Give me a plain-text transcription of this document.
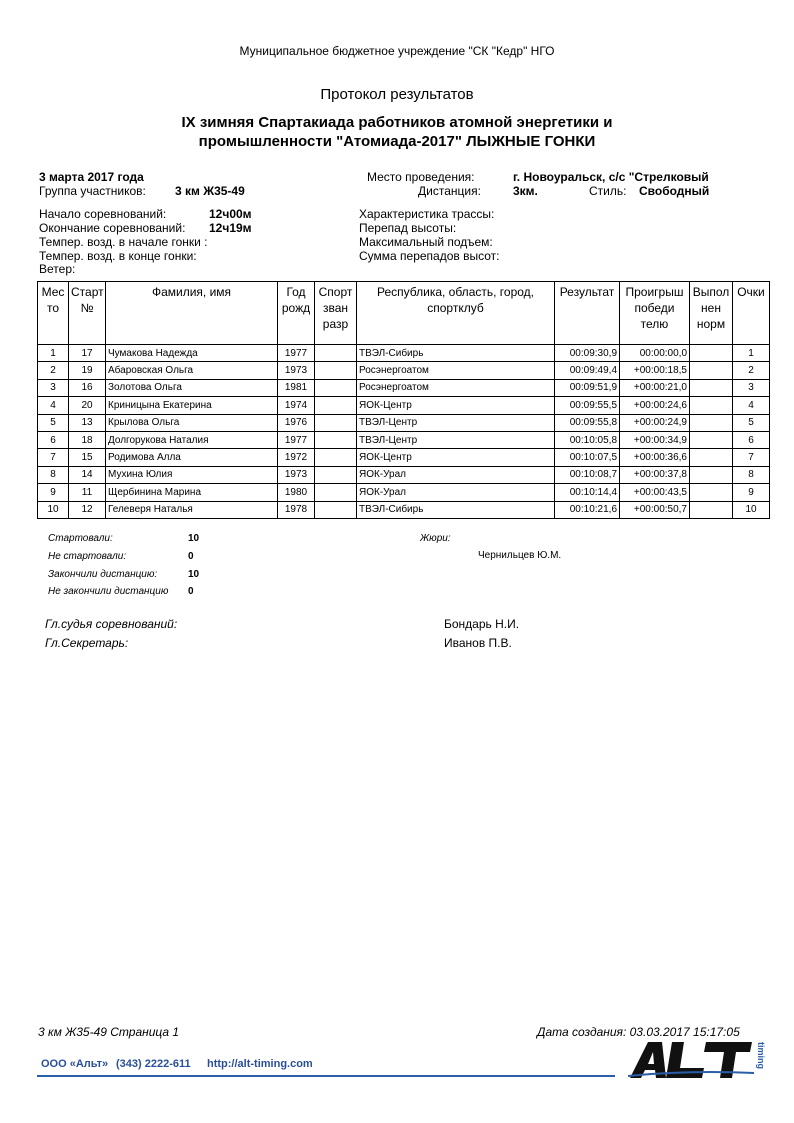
Муниципальное бюджетное учреждение "СК "Кедр" НГО
Протокол результатов
IX зимняя Спартакиада работников атомной энергетики и
промышленности "Атомиада-2017" ЛЫЖНЫЕ ГОНКИ
3 марта 2017 года
Группа участников: 3 км Ж35-49
Место проведения:	г. Новоуральск, с/с "Стрелковый
Дистанция:	3км.	Стиль: Свободный
Начало соревнований:	12ч00м
Окончание соревнований: 12ч19м
Темпер. возд. в начале гонки :
Темпер. возд. в конце гонки:
Ветер:
Характеристика трассы:
Перепад высоты:
Максимальный подъем:
Сумма перепадов высот:
Мес то	Старт №	Фамилия, имя	Год рожд	Спорт зван разр	Республика, область, город, спортклуб	Результат	Проигрыш победи телю	Выпол нен норм	Очки
1	17	Чумакова Надежда	1977		ТВЭЛ-Сибирь	00:09:30,9	00:00:00,0		1
2	19	Абаровская Ольга	1973		Росэнергоатом	00:09:49,4	+00:00:18,5		2
3	16	Золотова Ольга	1981		Росэнергоатом	00:09:51,9	+00:00:21,0		3
4	20	Криницына Екатерина	1974		ЯОК-Центр	00:09:55,5	+00:00:24,6		4
5	13	Крылова Ольга	1976		ТВЭЛ-Центр	00:09:55,8	+00:00:24,9		5
6	18	Долгорукова Наталия	1977		ТВЭЛ-Центр	00:10:05,8	+00:00:34,9		6
7	15	Родимова Алла	1972		ЯОК-Центр	00:10:07,5	+00:00:36,6		7
8	14	Мухина Юлия	1973		ЯОК-Урал	00:10:08,7	+00:00:37,8		8
9	11	Щербинина Марина	1980		ЯОК-Урал	00:10:14,4	+00:00:43,5		9
10	12	Гелеверя Наталья	1978		ТВЭЛ-Сибирь	00:10:21,6	+00:00:50,7		10
Стартовали:	10
Не стартовали:	0
Закончили дистанцию:	10
Не закончили дистанцию 0
Жюри:
Чернильцев Ю.М.
Гл.судья соревнований:	Бондарь Н.И.
Гл.Секретарь:	Иванов П.В.
3 км Ж35-49 Страница 1	Дата создания: 03.03.2017 15:17:05
ООО «Альт» (343) 2222-611 http://alt-timing.com	timing
